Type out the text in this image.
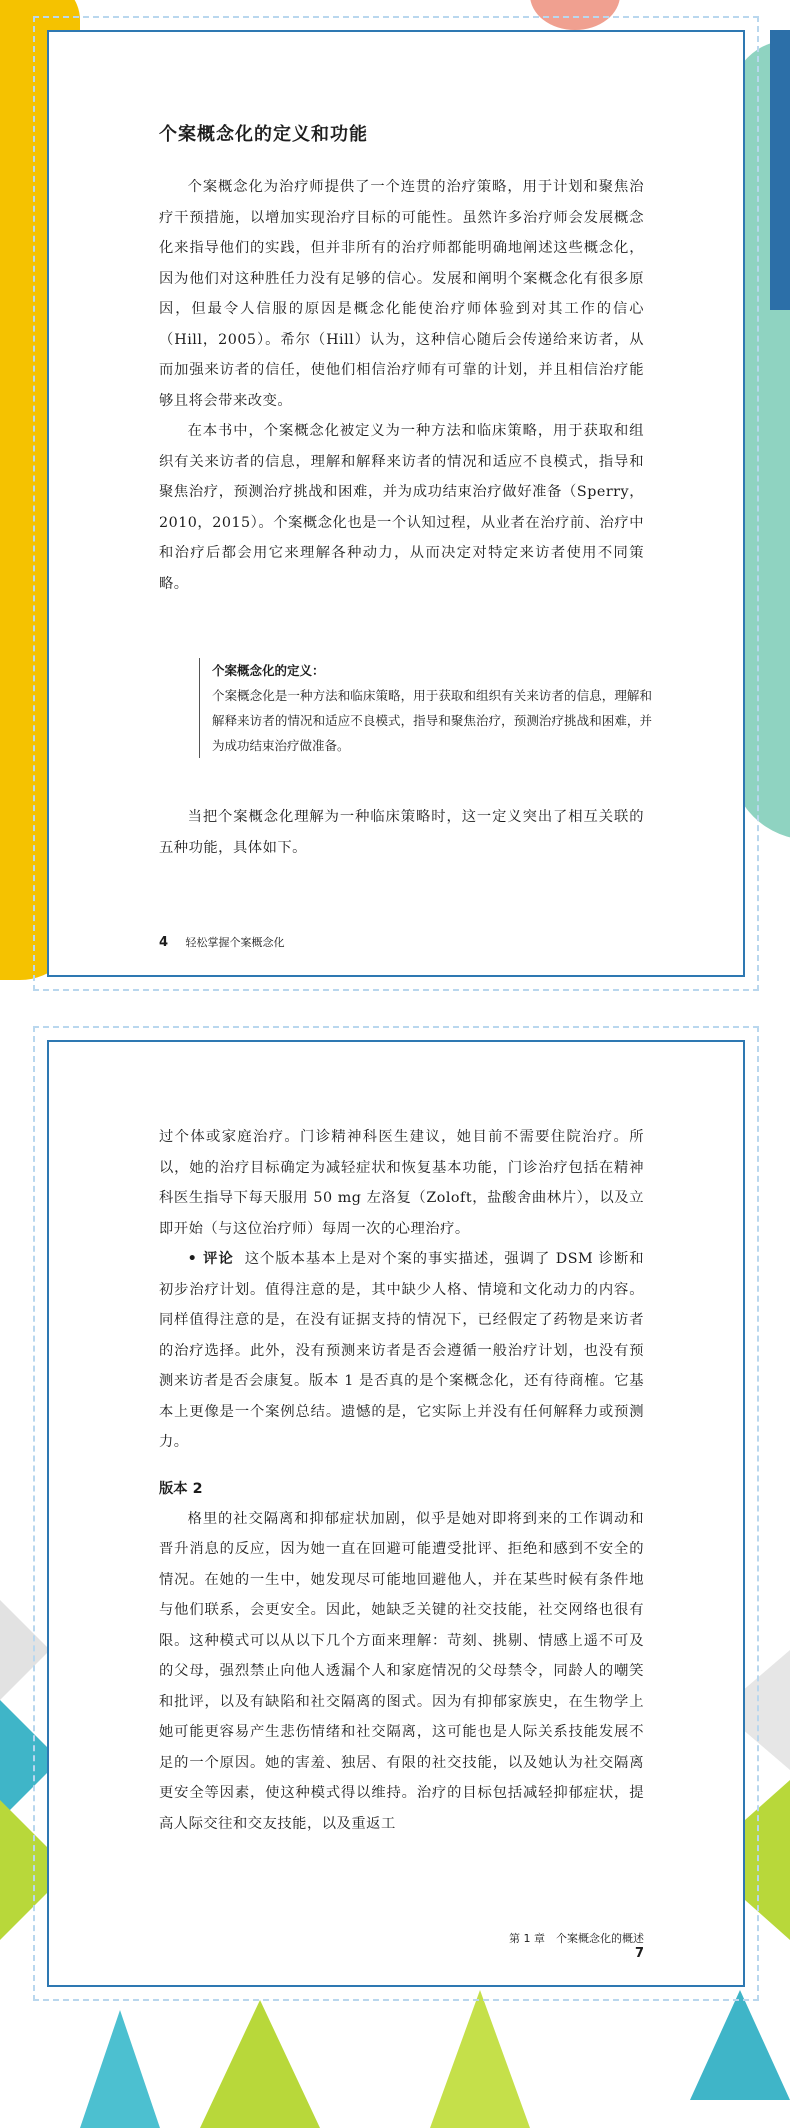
个案概念化的定义和功能

个案概念化为治疗师提供了一个连贯的治疗策略，用于计划和聚焦治疗干预措施，以增加实现治疗目标的可能性。虽然许多治疗师会发展概念化来指导他们的实践，但并非所有的治疗师都能明确地阐述这些概念化，因为他们对这种胜任力没有足够的信心。发展和阐明个案概念化有很多原因，但最令人信服的原因是概念化能使治疗师体验到对其工作的信心（Hill，2005）。希尔（Hill）认为，这种信心随后会传递给来访者，从而加强来访者的信任，使他们相信治疗师有可靠的计划，并且相信治疗能够且将会带来改变。

在本书中，个案概念化被定义为一种方法和临床策略，用于获取和组织有关来访者的信息，理解和解释来访者的情况和适应不良模式，指导和聚焦治疗，预测治疗挑战和困难，并为成功结束治疗做好准备（Sperry，2010，2015）。个案概念化也是一个认知过程，从业者在治疗前、治疗中和治疗后都会用它来理解各种动力，从而决定对特定来访者使用不同策略。

个案概念化的定义：
个案概念化是一种方法和临床策略，用于获取和组织有关来访者的信息，理解和解释来访者的情况和适应不良模式，指导和聚焦治疗，预测治疗挑战和困难，并为成功结束治疗做准备。

当把个案概念化理解为一种临床策略时，这一定义突出了相互关联的五种功能，具体如下。

4 轻松掌握个案概念化

过个体或家庭治疗。门诊精神科医生建议，她目前不需要住院治疗。所以，她的治疗目标确定为减轻症状和恢复基本功能，门诊治疗包括在精神科医生指导下每天服用 50 mg 左洛复（Zoloft，盐酸舍曲林片），以及立即开始（与这位治疗师）每周一次的心理治疗。

• 评论 这个版本基本上是对个案的事实描述，强调了 DSM 诊断和初步治疗计划。值得注意的是，其中缺少人格、情境和文化动力的内容。同样值得注意的是，在没有证据支持的情况下，已经假定了药物是来访者的治疗选择。此外，没有预测来访者是否会遵循一般治疗计划，也没有预测来访者是否会康复。版本 1 是否真的是个案概念化，还有待商榷。它基本上更像是一个案例总结。遗憾的是，它实际上并没有任何解释力或预测力。

版本 2

格里的社交隔离和抑郁症状加剧，似乎是她对即将到来的工作调动和晋升消息的反应，因为她一直在回避可能遭受批评、拒绝和感到不安全的情况。在她的一生中，她发现尽可能地回避他人，并在某些时候有条件地与他们联系，会更安全。因此，她缺乏关键的社交技能，社交网络也很有限。这种模式可以从以下几个方面来理解：苛刻、挑剔、情感上遥不可及的父母，强烈禁止向他人透漏个人和家庭情况的父母禁令，同龄人的嘲笑和批评，以及有缺陷和社交隔离的图式。因为有抑郁家族史，在生物学上她可能更容易产生悲伤情绪和社交隔离，这可能也是人际关系技能发展不足的一个原因。她的害羞、独居、有限的社交技能，以及她认为社交隔离更安全等因素，使这种模式得以维持。治疗的目标包括减轻抑郁症状，提高人际交往和交友技能，以及重返工

第 1 章　个案概念化的概述 7
